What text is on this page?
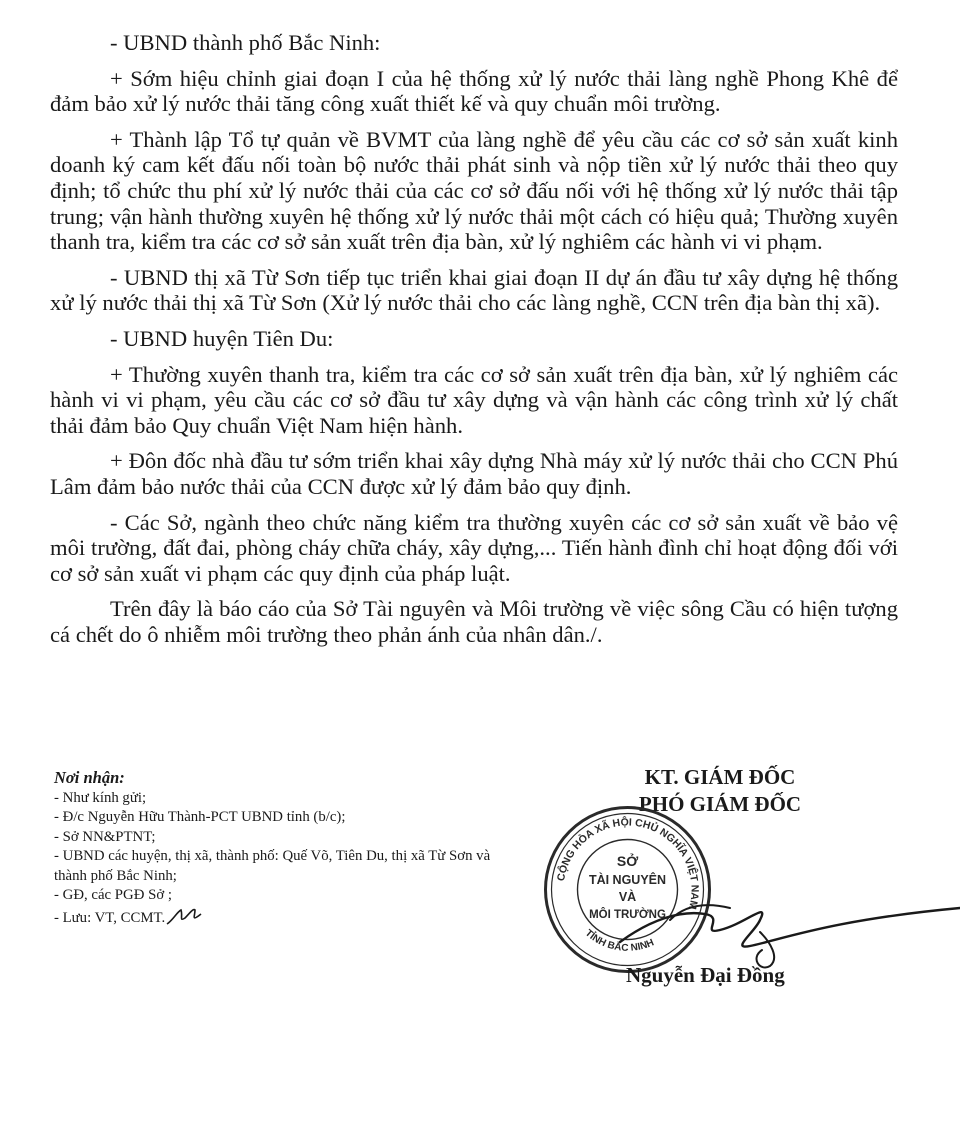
- UBND thành phố Bắc Ninh:

+ Sớm hiệu chỉnh giai đoạn I của hệ thống xử lý nước thải làng nghề Phong Khê để đảm bảo xử lý nước thải tăng công xuất thiết kế và quy chuẩn môi trường.

+ Thành lập Tổ tự quản về BVMT của làng nghề để yêu cầu các cơ sở sản xuất kinh doanh ký cam kết đấu nối toàn bộ nước thải phát sinh và nộp tiền xử lý nước thải theo quy định; tổ chức thu phí xử lý nước thải của các cơ sở đấu nối với hệ thống xử lý nước thải tập trung; vận hành thường xuyên hệ thống xử lý nước thải một cách có hiệu quả; Thường xuyên thanh tra, kiểm tra các cơ sở sản xuất trên địa bàn, xử lý nghiêm các hành vi vi phạm.

- UBND thị xã Từ Sơn tiếp tục triển khai giai đoạn II dự án đầu tư xây dựng hệ thống xử lý nước thải thị xã Từ Sơn (Xử lý nước thải cho các làng nghề, CCN trên địa bàn thị xã).

- UBND huyện Tiên Du:

+ Thường xuyên thanh tra, kiểm tra các cơ sở sản xuất trên địa bàn, xử lý nghiêm các hành vi vi phạm, yêu cầu các cơ sở đầu tư xây dựng và vận hành các công trình xử lý chất thải đảm bảo Quy chuẩn Việt Nam hiện hành.

+ Đôn đốc nhà đầu tư sớm triển khai xây dựng Nhà máy xử lý nước thải cho CCN Phú Lâm đảm bảo nước thải của CCN được xử lý đảm bảo quy định.

- Các Sở, ngành theo chức năng kiểm tra thường xuyên các cơ sở sản xuất về bảo vệ môi trường, đất đai, phòng cháy chữa cháy, xây dựng,... Tiến hành đình chỉ hoạt động đối với cơ sở sản xuất vi phạm các quy định của pháp luật.

Trên đây là báo cáo của Sở Tài nguyên và Môi trường về việc sông Cầu có hiện tượng cá chết do ô nhiễm môi trường theo phản ánh của nhân dân./.

Nơi nhận:
- Như kính gửi;
- Đ/c Nguyễn Hữu Thành-PCT UBND tỉnh (b/c);
- Sở NN&PTNT;
- UBND các huyện, thị xã, thành phố: Quế Võ, Tiên Du, thị xã Từ Sơn và thành phố Bắc Ninh;
- GĐ, các PGĐ Sở ;
- Lưu: VT, CCMT.
KT. GIÁM ĐỐC
PHÓ GIÁM ĐỐC
CỘNG HÒA XÃ HỘI CHỦ NGHĨA VIỆT NAM
TỈNH BẮC NINH
SỞ
TÀI NGUYÊN
VÀ
MÔI TRƯỜNG
Nguyễn Đại Đồng
